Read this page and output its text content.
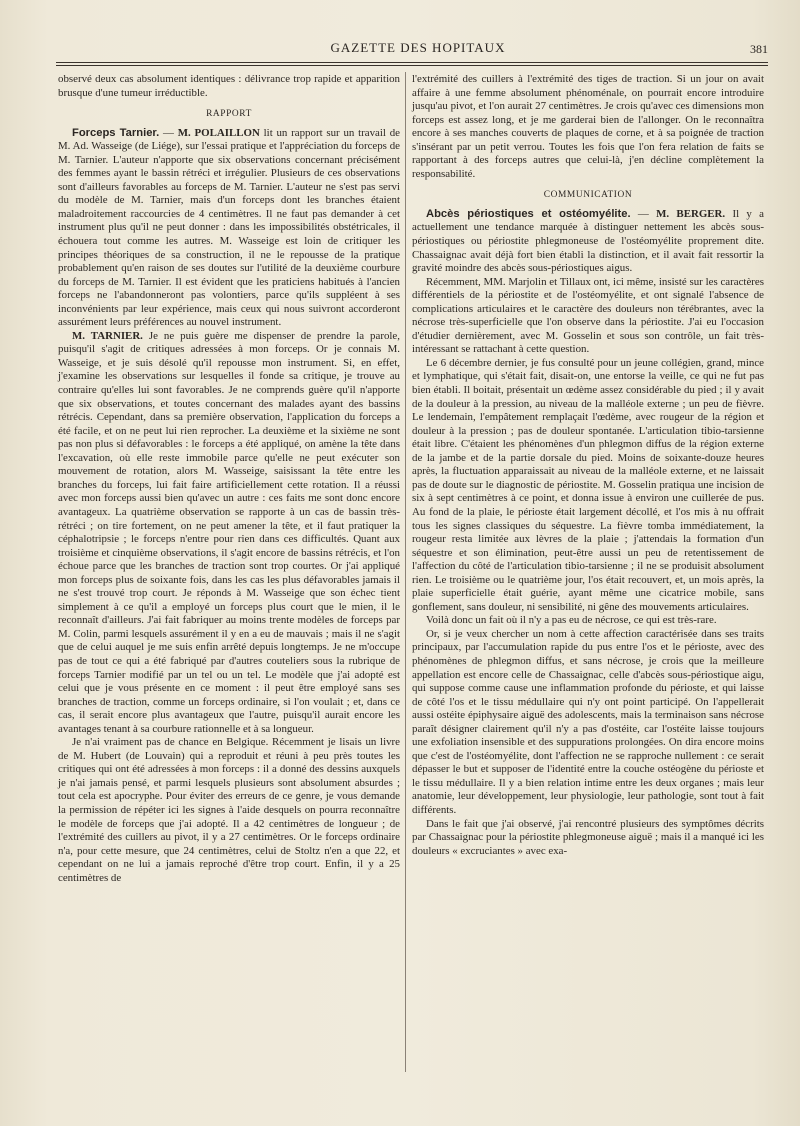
GAZETTE DES HOPITAUX	381

observé deux cas absolument identiques : délivrance trop rapide et apparition brusque d'une tumeur irréductible.

RAPPORT

Forceps Tarnier. — M. POLAILLON lit un rapport sur un travail de M. Ad. Wasseige (de Liége), sur l'essai pratique et l'appréciation du forceps de M. Tarnier. L'auteur n'apporte que six observations concernant précisément des femmes ayant le bassin rétréci et irrégulier. Plusieurs de ces observations sont d'ailleurs favorables au forceps de M. Tarnier. L'auteur ne s'est pas servi du modèle de M. Tarnier, mais d'un forceps dont les branches étaient maladroitement raccourcies de 4 centimètres. Il ne faut pas demander à cet instrument plus qu'il ne peut donner : dans les impossibilités obstétricales, il échouera tout comme les autres. M. Wasseige est loin de critiquer les principes théoriques de sa construction, il ne le repousse de la pratique probablement qu'en raison de ses doutes sur l'utilité de la deuxième courbure du forceps de M. Tarnier. Il est évident que les praticiens habitués à l'ancien forceps ne l'abandonneront pas volontiers, parce qu'ils suppléent à ses inconvénients par leur expérience, mais ceux qui nous suivront accorderont assurément leurs préférences au nouvel instrument.

M. TARNIER. Je ne puis guère me dispenser de prendre la parole, puisqu'il s'agit de critiques adressées à mon forceps. Or je connais M. Wasseige, et je suis désolé qu'il repousse mon instrument. Si, en effet, j'examine les observations sur lesquelles il fonde sa critique, je trouve au contraire qu'elles lui sont favorables. Je ne comprends guère qu'il n'apporte que six observations, et toutes concernant des malades ayant des bassins rétrécis. Cependant, dans sa première observation, l'application du forceps a été facile, et on ne peut lui rien reprocher. La deuxième et la sixième ne sont pas non plus si défavorables : le forceps a été appliqué, on amène la tête dans l'excavation, où elle reste immobile parce qu'elle ne peut exécuter son mouvement de rotation, alors M. Wasseige, saisissant la tête entre les branches du forceps, lui fait faire artificiellement cette rotation. Il a réussi avec mon forceps aussi bien qu'avec un autre : ces faits me sont donc encore avantageux. La quatrième observation se rapporte à un cas de bassin très-rétréci ; on tire fortement, on ne peut amener la tête, et il faut pratiquer la céphalotripsie ; le forceps n'entre pour rien dans ces difficultés. Quant aux troisième et cinquième observations, il s'agit encore de bassins rétrécis, et l'on échoue parce que les branches de traction sont trop courtes. Or j'ai appliqué mon forceps plus de soixante fois, dans les cas les plus défavorables jamais il ne s'est trouvé trop court. Je réponds à M. Wasseige que son échec tient simplement à ce qu'il a employé un forceps plus court que le mien, il le reconnaît d'ailleurs. J'ai fait fabriquer au moins trente modèles de forceps par M. Colin, parmi lesquels assurément il y en a eu de mauvais ; mais il ne s'agit que de celui auquel je me suis enfin arrêté depuis longtemps. Je ne m'occupe pas de tout ce qui a été fabriqué par d'autres couteliers sous la rubrique de forceps Tarnier modifié par un tel ou un tel. Le modèle que j'ai adopté est celui que je vous présente en ce moment : il peut être employé sans ses branches de traction, comme un forceps ordinaire, si l'on voulait ; et, dans ce cas, il serait encore plus avantageux que l'autre, puisqu'il aurait encore les avantages tenant à sa courbure rationnelle et à sa longueur.

Je n'ai vraiment pas de chance en Belgique. Récemment je lisais un livre de M. Hubert (de Louvain) qui a reproduit et réuni à peu près toutes les critiques qui ont été adressées à mon forceps : il a donné des dessins auxquels je n'ai jamais pensé, et parmi lesquels plusieurs sont absolument absurdes ; tout cela est apocryphe. Pour éviter des erreurs de ce genre, je vous demande la permission de répéter ici les signes à l'aide desquels on pourra reconnaître le modèle de forceps que j'ai adopté. Il a 42 centimètres de longueur ; de l'extrémité des cuillers au pivot, il y a 27 centimètres. Or le forceps ordinaire n'a, pour cette mesure, que 24 centimètres, celui de Stoltz n'en a que 22, et cependant on ne lui a jamais reproché d'être trop court. Enfin, il y a 25 centimètres de

l'extrémité des cuillers à l'extrémité des tiges de traction. Si un jour on avait affaire à une femme absolument phénoménale, on pourrait encore introduire jusqu'au pivot, et l'on aurait 27 centimètres. Je crois qu'avec ces dimensions mon forceps est assez long, et je me garderai bien de l'allonger. On le reconnaîtra encore à ses manches couverts de plaques de corne, et à sa poignée de traction s'insérant par un petit verrou. Toutes les fois que l'on fera relation de faits se rapportant à des forceps autres que celui-là, j'en décline complètement la responsabilité.

COMMUNICATION

Abcès périostiques et ostéomyélite. — M. BERGER. Il y a actuellement une tendance marquée à distinguer nettement les abcès sous-périostiques ou périostite phlegmoneuse de l'ostéomyélite proprement dite. Chassaignac avait déjà fort bien établi la distinction, et il avait fait ressortir la gravité moindre des abcès sous-périostiques aigus.

Récemment, MM. Marjolin et Tillaux ont, ici même, insisté sur les caractères différentiels de la périostite et de l'ostéomyélite, et ont signalé l'absence de complications articulaires et le caractère des douleurs non térébrantes, avec la nécrose très-superficielle que l'on observe dans la périostite. J'ai eu l'occasion d'étudier dernièrement, avec M. Gosselin et sous son contrôle, un fait très-intéressant se rattachant à cette question.

Le 6 décembre dernier, je fus consulté pour un jeune collégien, grand, mince et lymphatique, qui s'était fait, disait-on, une entorse la veille, ce qui ne fut pas bien établi. Il boitait, présentait un œdème assez considérable du pied ; il y avait de la douleur à la pression, au niveau de la malléole externe ; un peu de fièvre. Le lendemain, l'empâtement remplaçait l'œdème, avec rougeur de la région et douleur à la pression ; pas de douleur spontanée. L'articulation tibio-tarsienne était libre. C'étaient les phénomènes d'un phlegmon diffus de la région externe de la jambe et de la partie dorsale du pied. Moins de soixante-douze heures après, la fluctuation apparaissait au niveau de la malléole externe, et ne laissait pas de doute sur le diagnostic de périostite. M. Gosselin pratiqua une incision de six à sept centimètres à ce point, et donna issue à environ une cuillerée de pus. Au fond de la plaie, le périoste était largement décollé, et l'os mis à nu offrait tous les signes classiques du séquestre. La fièvre tomba immédiatement, la rougeur resta limitée aux lèvres de la plaie ; j'attendais la formation d'un séquestre et son élimination, peut-être aussi un peu de retentissement de l'affection du côté de l'articulation tibio-tarsienne ; il ne se produisit absolument rien. Le troisième ou le quatrième jour, l'os était recouvert, et, un mois après, la plaie superficielle était guérie, ayant même une cicatrice mobile, sans gonflement, sans douleur, ni sensibilité, ni gêne des mouvements articulaires.

Voilà donc un fait où il n'y a pas eu de nécrose, ce qui est très-rare.

Or, si je veux chercher un nom à cette affection caractérisée dans ses traits principaux, par l'accumulation rapide du pus entre l'os et le périoste, avec des phénomènes de phlegmon diffus, et sans nécrose, je crois que la meilleure appellation est encore celle de Chassaignac, celle d'abcès sous-périostique aigu, qui suppose comme cause une inflammation profonde du périoste, et qui laisse de côté l'os et le tissu médullaire qui n'y ont point participé. On l'appellerait aussi ostéite épiphysaire aiguë des adolescents, mais la terminaison sans nécrose paraît désigner clairement qu'il n'y a pas d'ostéite, car l'ostéite laisse toujours une exfoliation insensible et des suppurations prolongées. On dira encore moins que c'est de l'ostéomyélite, dont l'affection ne se rapproche nullement : ce serait dépasser le but et supposer de l'identité entre la couche ostéogène du périoste et le tissu médullaire. Il y a bien relation intime entre les deux organes ; mais leur anatomie, leur développement, leur physiologie, leur pathologie, sont tout à fait différents.

Dans le fait que j'ai observé, j'ai rencontré plusieurs des symptômes décrits par Chassaignac pour la périostite phlegmoneuse aiguë ; mais il a manqué ici les douleurs « excruciantes » avec exa-
